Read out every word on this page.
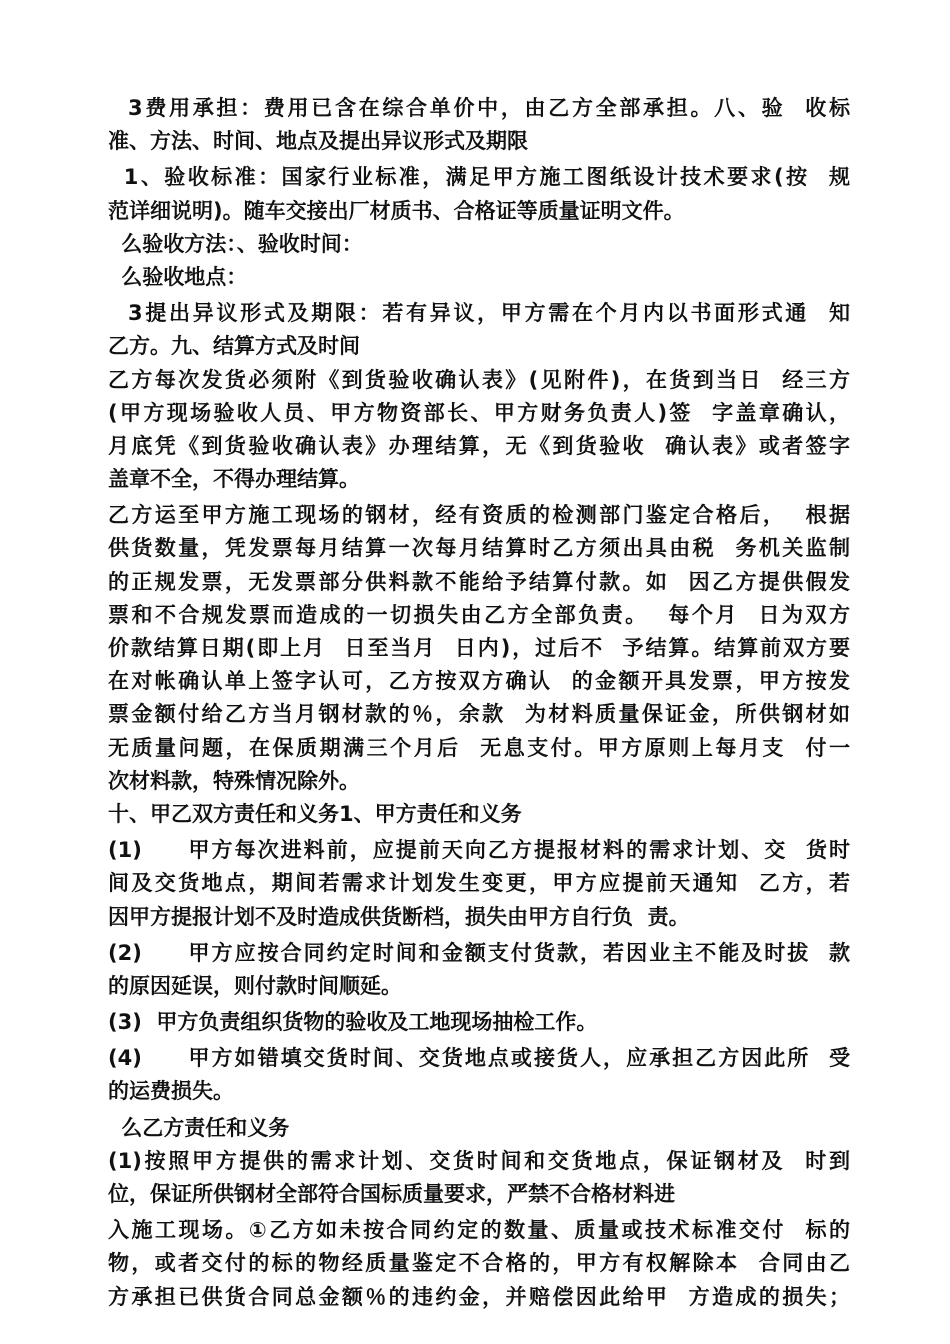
3费用承担：费用已含在综合单价中，由乙方全部承担。八、验  收标
准、方法、时间、地点及提出异议形式及期限
1、验收标准：国家行业标准，满足甲方施工图纸设计技术要求(按  规
范详细说明)。随车交接出厂材质书、合格证等质量证明文件。
么验收方法：、验收时间：
么验收地点：
3提出异议形式及期限：若有异议，甲方需在个月内以书面形式通  知
乙方。九、结算方式及时间
乙方每次发货必须附《到货验收确认表》(见附件)，在货到当日  经三方
(甲方现场验收人员、甲方物资部长、甲方财务负责人)签  字盖章确认，
月底凭《到货验收确认表》办理结算，无《到货验收  确认表》或者签字
盖章不全，不得办理结算。
乙方运至甲方施工现场的钢材，经有资质的检测部门鉴定合格后，  根据
供货数量，凭发票每月结算一次每月结算时乙方须出具由税  务机关监制
的正规发票，无发票部分供料款不能给予结算付款。如  因乙方提供假发
票和不合规发票而造成的一切损失由乙方全部负责。  每个月  日为双方
价款结算日期(即上月  日至当月  日内)，过后不  予结算。结算前双方要
在对帐确认单上签字认可，乙方按双方确认  的金额开具发票，甲方按发
票金额付给乙方当月钢材款的％，余款  为材料质量保证金，所供钢材如
无质量问题，在保质期满三个月后  无息支付。甲方原则上每月支  付一
次材料款，特殊情况除外。
十、甲乙双方责任和义务1、甲方责任和义务
(1)     甲方每次进料前，应提前天向乙方提报材料的需求计划、交  货时
间及交货地点，期间若需求计划发生变更，甲方应提前天通知  乙方，若
因甲方提报计划不及时造成供货断档，损失由甲方自行负  责。
(2)     甲方应按合同约定时间和金额支付货款，若因业主不能及时拔  款
的原因延误，则付款时间顺延。
(3)  甲方负责组织货物的验收及工地现场抽检工作。
(4)     甲方如错填交货时间、交货地点或接货人，应承担乙方因此所  受
的运费损失。
么乙方责任和义务
(1)按照甲方提供的需求计划、交货时间和交货地点，保证钢材及  时到
位，保证所供钢材全部符合国标质量要求，严禁不合格材料进
入施工现场。①乙方如未按合同约定的数量、质量或技术标准交付  标的
物，或者交付的标的物经质量鉴定不合格的，甲方有权解除本  合同由乙
方承担已供货合同总金额％的违约金，并赔偿因此给甲  方造成的损失；
